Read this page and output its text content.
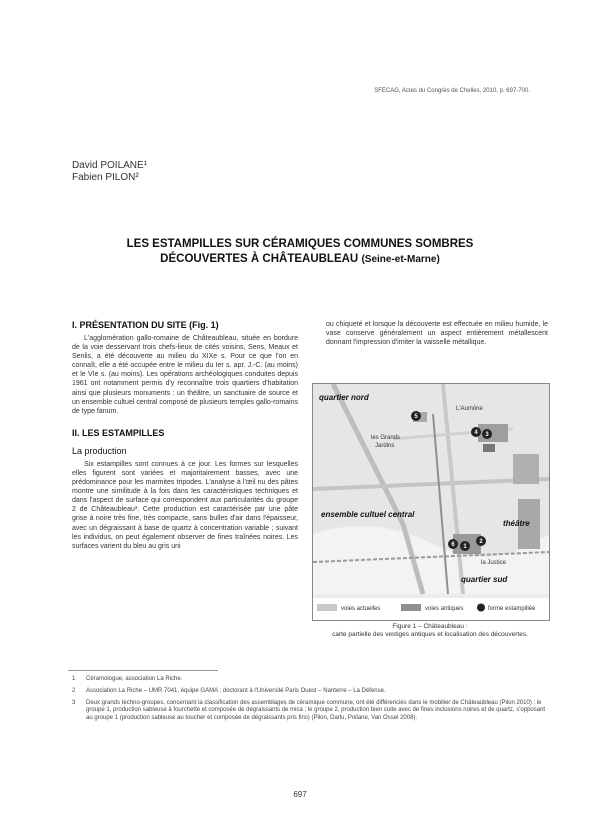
SFECAG, Actes du Congrès de Chelles, 2010, p. 697-700.
David POILANE¹
Fabien PILON²
LES ESTAMPILLES SUR CÉRAMIQUES COMMUNES SOMBRES
DÉCOUVERTES À CHÂTEAUBLEAU (Seine-et-Marne)
I. PRÉSENTATION DU SITE (Fig. 1)
L'agglomération gallo-romaine de Châteaubleau, située en bordure de la voie desservant trois chefs-lieux de cités voisins, Sens, Meaux et Senlis, a été découverte au milieu du XIXe s. Pour ce que l'on en connaît, elle a été occupée entre le milieu du Ier s. apr. J.-C. (au moins) et le VIe s. (au moins). Les opérations archéologiques conduites depuis 1961 ont notamment permis d'y reconnaître trois quartiers d'habitation ainsi que plusieurs monuments : un théâtre, un sanctuaire de source et un ensemble cultuel central composé de plusieurs temples gallo-romains de type fanum.
II. LES ESTAMPILLES
La production
Six estampilles sont connues à ce jour. Les formes sur lesquelles elles figurent sont variées et majoritairement basses, avec une prédominance pour les marmites tripodes. L'analyse à l'œil nu des pâtes montre une similitude à la fois dans les caractéristiques techniques et dans l'aspect de surface qui correspondent aux particularités du groupe 2 de Châteaubleau³. Cette production est caractérisée par une pâte grise à noire très fine, très compacte, sans bulles d'air dans l'épaisseur, avec un dégraissant à base de quartz à concentration variable ; suivant les individus, on peut également observer de fines traînées noires. Les surfaces varient du bleu au gris uni
ou chiqueté et lorsque la découverte est effectuée en milieu humide, le vase conserve généralement un aspect entièrement métallescent donnant l'impression d'imiter la vaisselle métallique.
quartier nord
ensemble cultuel central
théâtre
quartier sud
L'Aumône
les Grands
Jardins
la Justice
1
2
3
4
5
6
voies actuelles	voies antiques	forme estampillée
Figure 1 – Châteaubleau :
carte partielle des vestiges antiques et localisation des découvertes.
1 Céramologue, association La Riche.
2 Association La Riche – UMR 7041, équipe GAMA ; doctorant à l'Université Paris Ouest – Nanterre – La Défense.
3 Deux grands techno-groupes, concernant la classification des assemblages de céramique commune, ont été différenciés dans le mobilier de Châteaubleau (Pilon 2010) : le groupe 1, production sableuse à fourchette et composée de dégraissants de mica ; le groupe 2, production bien cuite avec de fines inclusions noires et de quartz, s'opposant au groupe 1 (production sableuse au toucher et composée de dégraissants pris fins) (Pilon, Darlu, Poilane, Van Ossel 2008).
697
